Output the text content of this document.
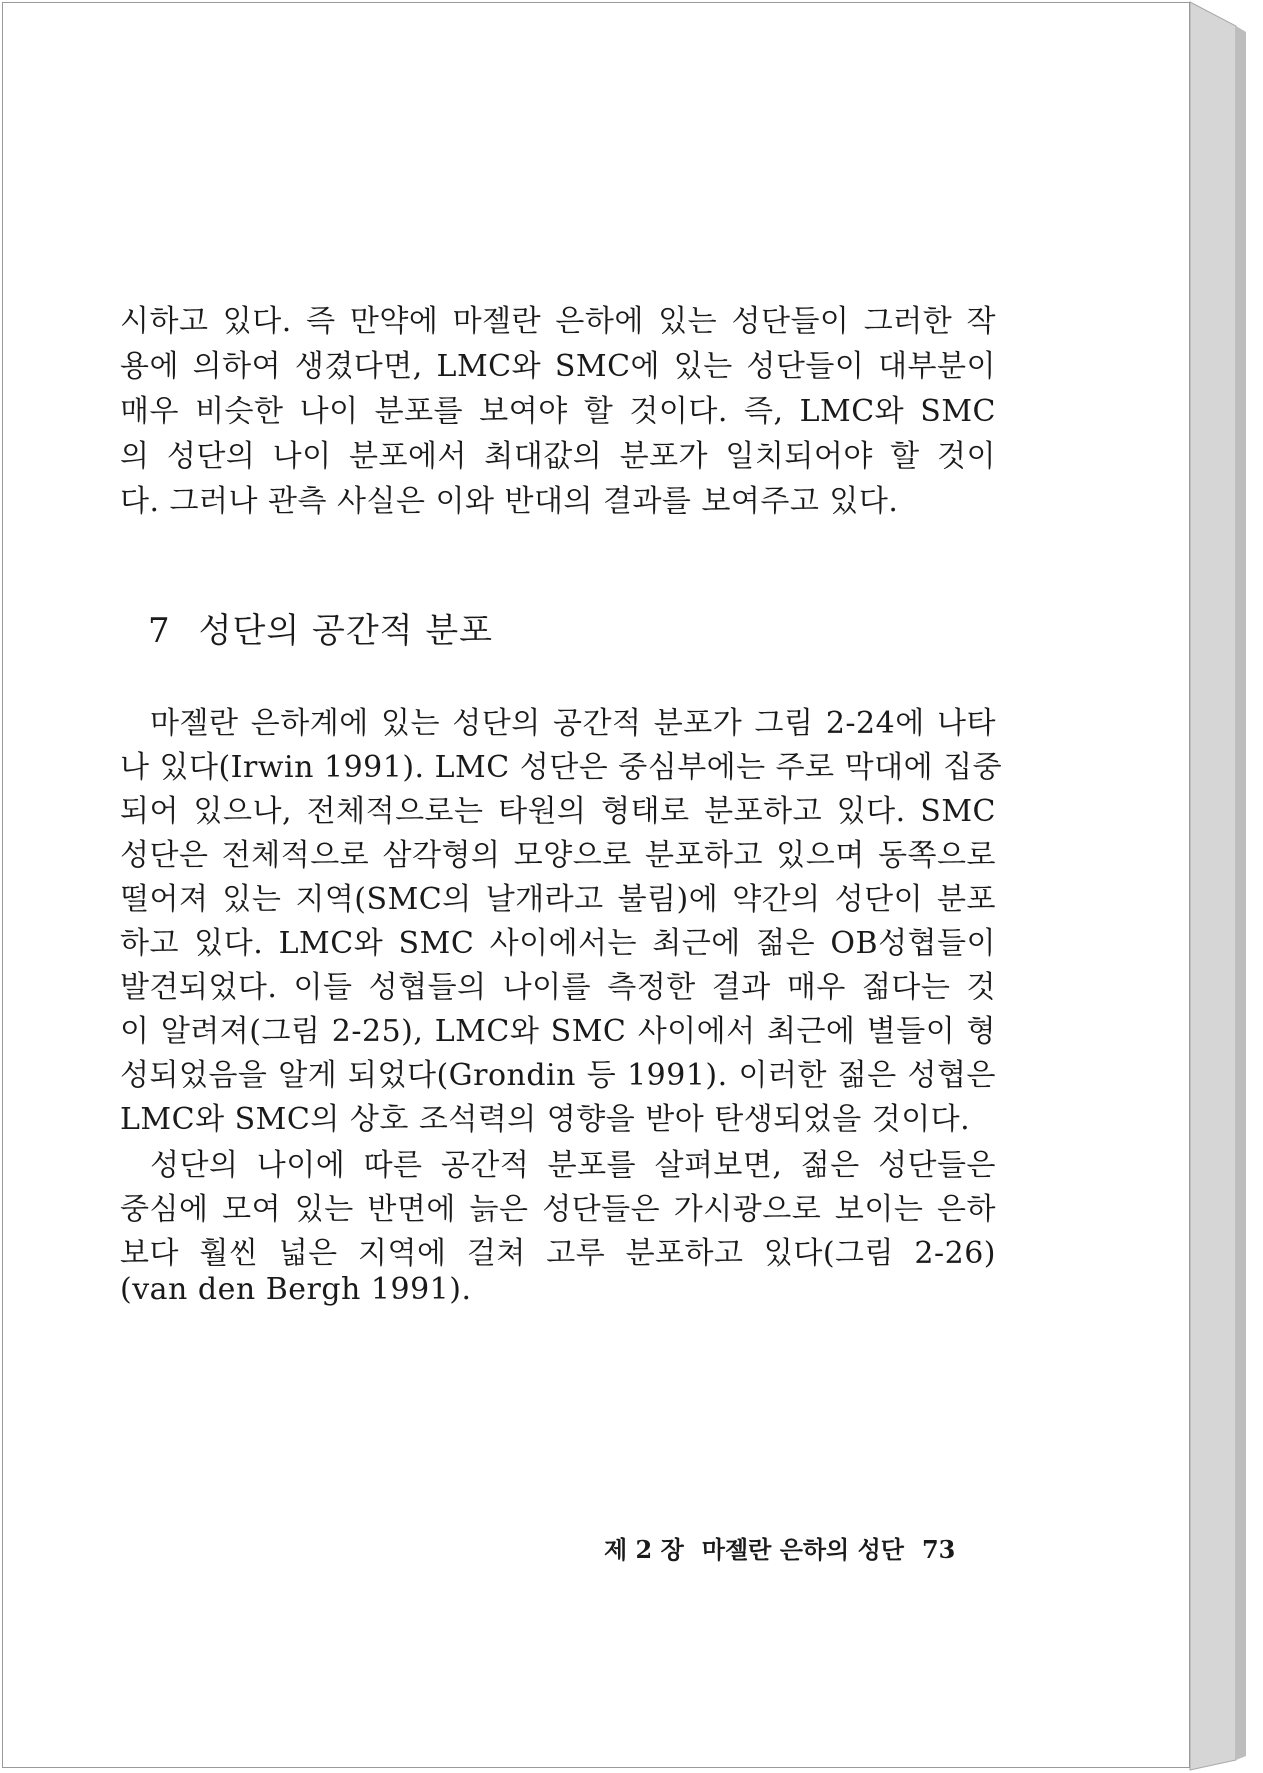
시하고 있다. 즉 만약에 마젤란 은하에 있는 성단들이 그러한 작
용에 의하여 생겼다면, LMC와 SMC에 있는 성단들이 대부분이
매우 비슷한 나이 분포를 보여야 할 것이다. 즉, LMC와 SMC
의 성단의 나이 분포에서 최대값의 분포가 일치되어야 할 것이
다. 그러나 관측 사실은 이와 반대의 결과를 보여주고 있다.
7 성단의 공간적 분포
마젤란 은하계에 있는 성단의 공간적 분포가 그림 2-24에 나타
나 있다(Irwin 1991). LMC 성단은 중심부에는 주로 막대에 집중
되어 있으나, 전체적으로는 타원의 형태로 분포하고 있다. SMC
성단은 전체적으로 삼각형의 모양으로 분포하고 있으며 동쪽으로
떨어져 있는 지역(SMC의 날개라고 불림)에 약간의 성단이 분포
하고 있다. LMC와 SMC 사이에서는 최근에 젊은 OB성협들이
발견되었다. 이들 성협들의 나이를 측정한 결과 매우 젊다는 것
이 알려져(그림 2-25), LMC와 SMC 사이에서 최근에 별들이 형
성되었음을 알게 되었다(Grondin 등 1991). 이러한 젊은 성협은
LMC와 SMC의 상호 조석력의 영향을 받아 탄생되었을 것이다.
성단의 나이에 따른 공간적 분포를 살펴보면, 젊은 성단들은
중심에 모여 있는 반면에 늙은 성단들은 가시광으로 보이는 은하
보다 훨씬 넓은 지역에 걸쳐 고루 분포하고 있다(그림 2-26)
(van den Bergh 1991).
제 2 장 마젤란 은하의 성단 73
